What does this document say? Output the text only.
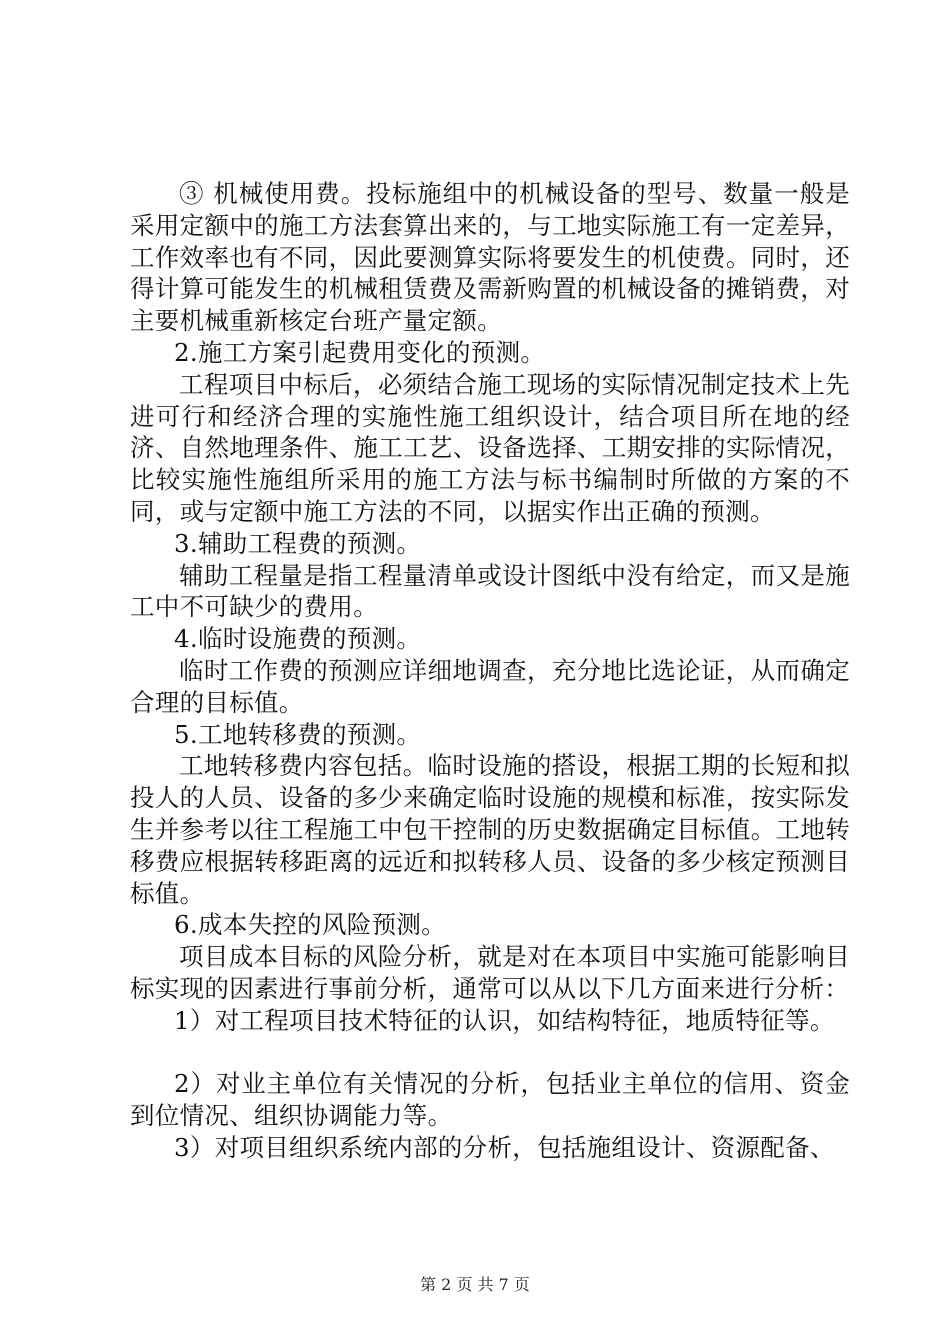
③ 机械使用费。投标施组中的机械设备的型号、数量一般是采用定额中的施工方法套算出来的，与工地实际施工有一定差异，工作效率也有不同，因此要测算实际将要发生的机使费。同时，还得计算可能发生的机械租赁费及需新购置的机械设备的摊销费，对主要机械重新核定台班产量定额。

2.施工方案引起费用变化的预测。

工程项目中标后，必须结合施工现场的实际情况制定技术上先进可行和经济合理的实施性施工组织设计，结合项目所在地的经济、自然地理条件、施工工艺、设备选择、工期安排的实际情况，比较实施性施组所采用的施工方法与标书编制时所做的方案的不同，或与定额中施工方法的不同，以据实作出正确的预测。

3.辅助工程费的预测。

辅助工程量是指工程量清单或设计图纸中没有给定，而又是施工中不可缺少的费用。

4.临时设施费的预测。

临时工作费的预测应详细地调查，充分地比选论证，从而确定合理的目标值。

5.工地转移费的预测。

工地转移费内容包括。临时设施的搭设，根据工期的长短和拟投人的人员、设备的多少来确定临时设施的规模和标准，按实际发生并参考以往工程施工中包干控制的历史数据确定目标值。工地转移费应根据转移距离的远近和拟转移人员、设备的多少核定预测目标值。

6.成本失控的风险预测。

项目成本目标的风险分析，就是对在本项目中实施可能影响目标实现的因素进行事前分析，通常可以从以下几方面来进行分析：

1）对工程项目技术特征的认识，如结构特征，地质特征等。

2）对业主单位有关情况的分析，包括业主单位的信用、资金到位情况、组织协调能力等。

3）对项目组织系统内部的分析，包括施组设计、资源配备、

第 2 页 共 7 页
